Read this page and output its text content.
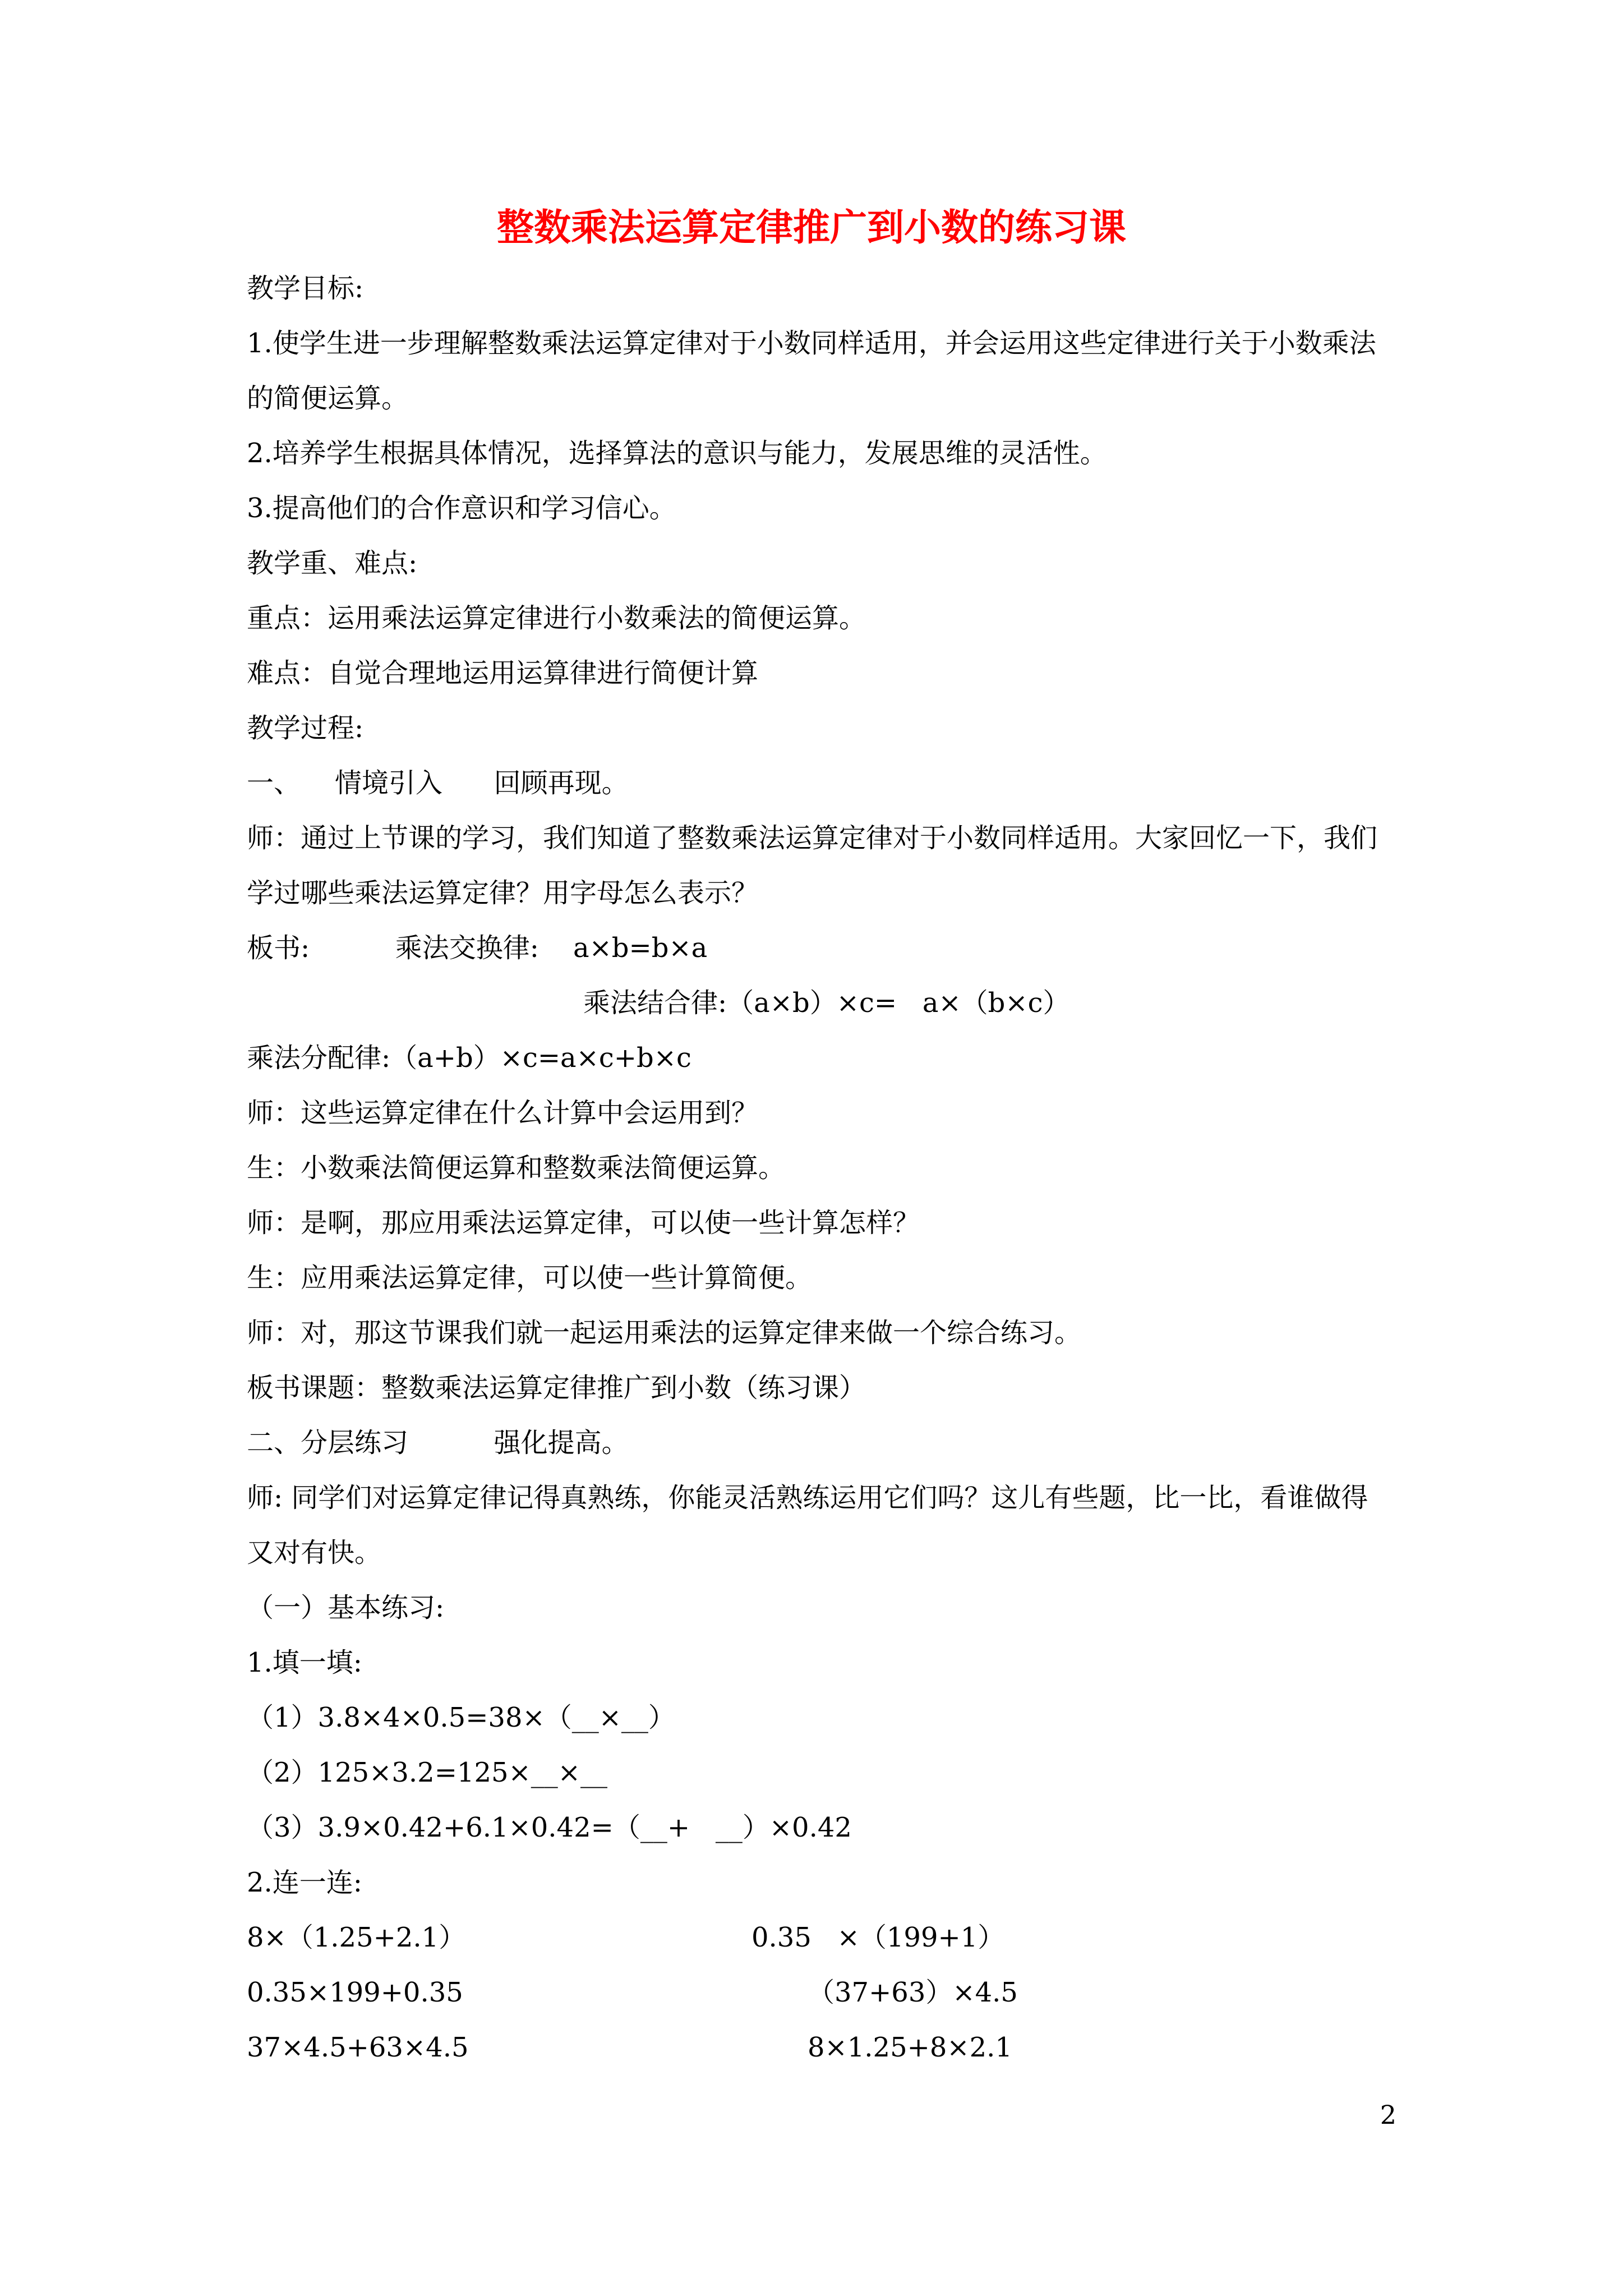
整数乘法运算定律推广到小数的练习课
教学目标:
1.使学生进一步理解整数乘法运算定律对于小数同样适用，并会运用这些定律进行关于小数乘法的简便运算。
2.培养学生根据具体情况，选择算法的意识与能力，发展思维的灵活性。
3.提高他们的合作意识和学习信心。
教学重、难点:
重点：运用乘法运算定律进行小数乘法的简便运算。
难点：自觉合理地运用运算律进行简便计算
教学过程:
一、    情境引入      回顾再现。
师：通过上节课的学习，我们知道了整数乘法运算定律对于小数同样适用。大家回忆一下，我们学过哪些乘法运算定律？用字母怎么表示？
板书:          乘法交换律:    a×b=b×a
乘法结合律:（a×b）×c=   a×（b×c）
乘法分配律:（a+b）×c=a×c+b×c
师：这些运算定律在什么计算中会运用到？
生：小数乘法简便运算和整数乘法简便运算。
师：是啊，那应用乘法运算定律，可以使一些计算怎样？
生：应用乘法运算定律，可以使一些计算简便。
师：对，那这节课我们就一起运用乘法的运算定律来做一个综合练习。
板书课题：整数乘法运算定律推广到小数（练习课）
二、分层练习          强化提高。
师: 同学们对运算定律记得真熟练，你能灵活熟练运用它们吗？这儿有些题，比一比，看谁做得又对有快。
（一）基本练习:
1.填一填:
（1）3.8×4×0.5=38×（__×__）
（2）125×3.2=125×__×__
（3）3.9×0.42+6.1×0.42=（__+   __）×0.42
2.连一连:
8×（1.25+2.1）	0.35   ×（199+1）
0.35×199+0.35	（37+63）×4.5
37×4.5+63×4.5	8×1.25+8×2.1
2
